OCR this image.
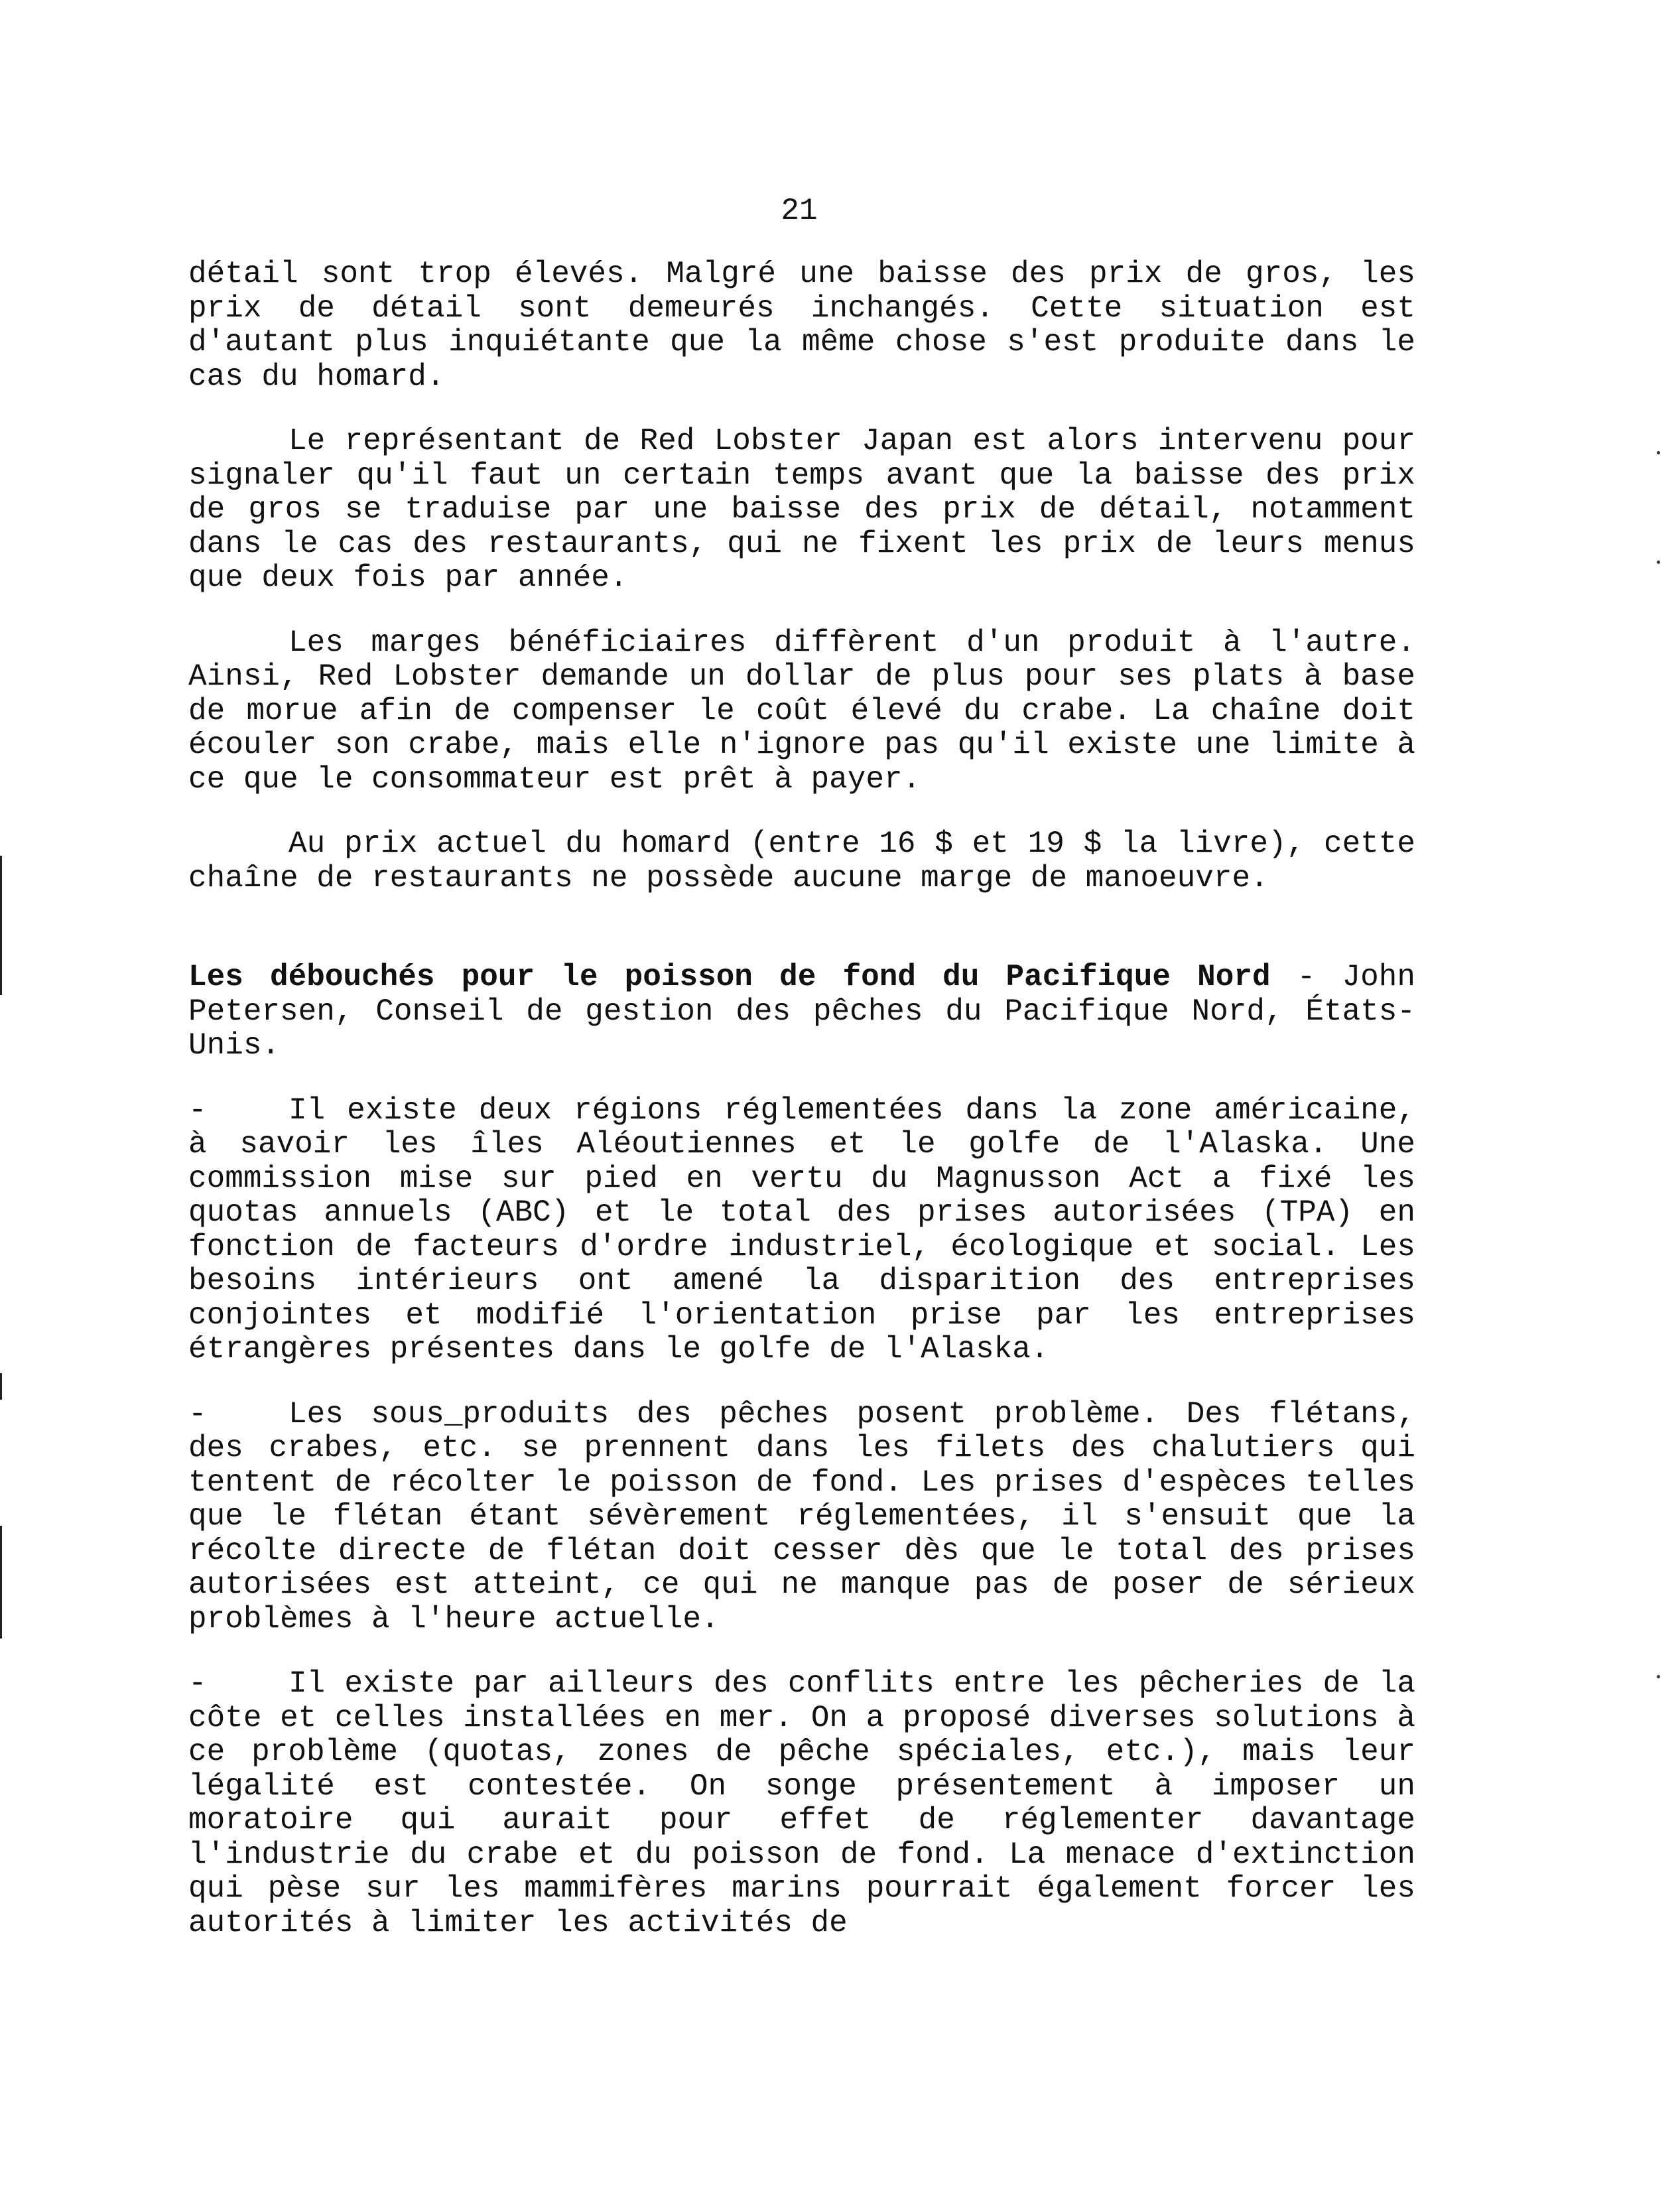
21

détail sont trop élevés. Malgré une baisse des prix de gros, les prix de détail sont demeurés inchangés. Cette situation est d'autant plus inquiétante que la même chose s'est produite dans le cas du homard.

Le représentant de Red Lobster Japan est alors intervenu pour signaler qu'il faut un certain temps avant que la baisse des prix de gros se traduise par une baisse des prix de détail, notamment dans le cas des restaurants, qui ne fixent les prix de leurs menus que deux fois par année.

Les marges bénéficiaires diffèrent d'un produit à l'autre. Ainsi, Red Lobster demande un dollar de plus pour ses plats à base de morue afin de compenser le coût élevé du crabe. La chaîne doit écouler son crabe, mais elle n'ignore pas qu'il existe une limite à ce que le consommateur est prêt à payer.

Au prix actuel du homard (entre 16 $ et 19 $ la livre), cette chaîne de restaurants ne possède aucune marge de manoeuvre.

Les débouchés pour le poisson de fond du Pacifique Nord - John Petersen, Conseil de gestion des pêches du Pacifique Nord, États-Unis.

-	Il existe deux régions réglementées dans la zone américaine, à savoir les îles Aléoutiennes et le golfe de l'Alaska. Une commission mise sur pied en vertu du Magnusson Act a fixé les quotas annuels (ABC) et le total des prises autorisées (TPA) en fonction de facteurs d'ordre industriel, écologique et social. Les besoins intérieurs ont amené la disparition des entreprises conjointes et modifié l'orientation prise par les entreprises étrangères présentes dans le golfe de l'Alaska.

-	Les sous_produits des pêches posent problème. Des flétans, des crabes, etc. se prennent dans les filets des chalutiers qui tentent de récolter le poisson de fond. Les prises d'espèces telles que le flétan étant sévèrement réglementées, il s'ensuit que la récolte directe de flétan doit cesser dès que le total des prises autorisées est atteint, ce qui ne manque pas de poser de sérieux problèmes à l'heure actuelle.

-	Il existe par ailleurs des conflits entre les pêcheries de la côte et celles installées en mer. On a proposé diverses solutions à ce problème (quotas, zones de pêche spéciales, etc.), mais leur légalité est contestée. On songe présentement à imposer un moratoire qui aurait pour effet de réglementer davantage l'industrie du crabe et du poisson de fond. La menace d'extinction qui pèse sur les mammifères marins pourrait également forcer les autorités à limiter les activités de
